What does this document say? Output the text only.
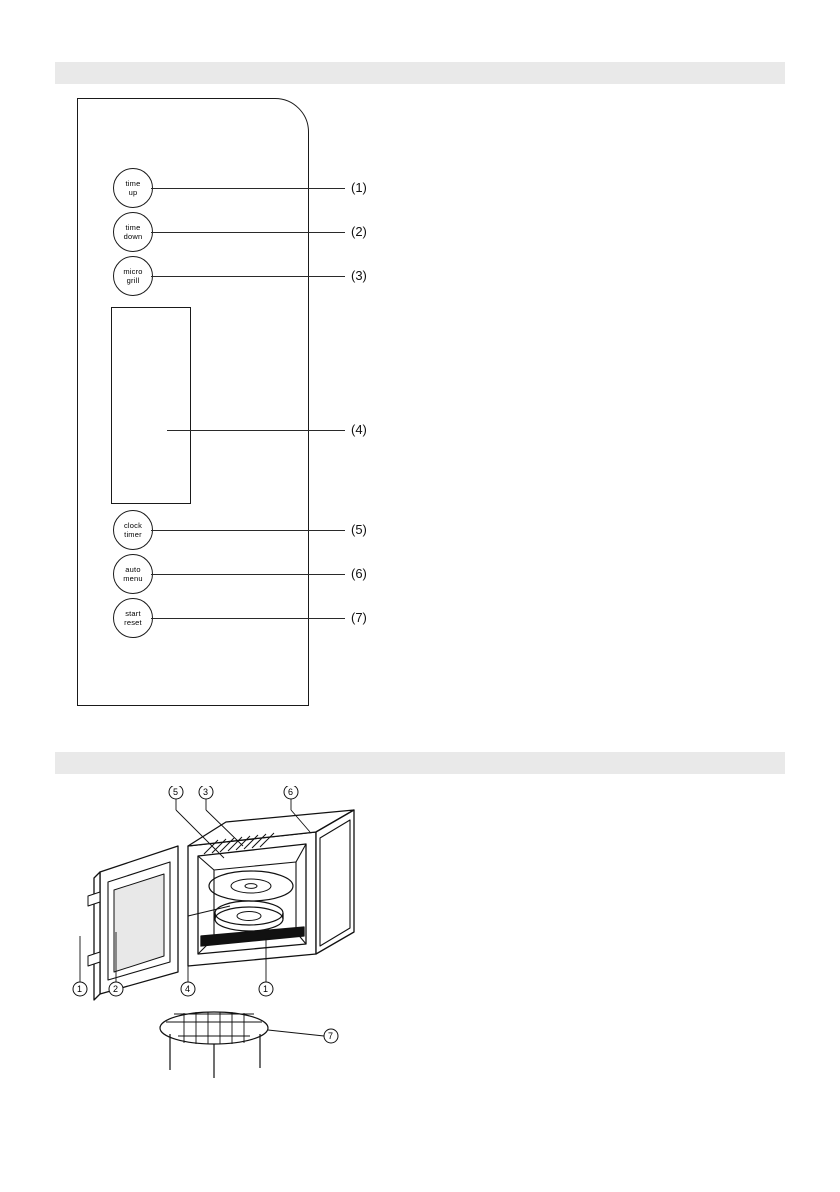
time
up
time
down
micro
grill
clock
timer
auto
menu
start
reset
(1)
(2)
(3)
(4)
(5)
(6)
(7)
5	3	6
4	1
1	2
7
